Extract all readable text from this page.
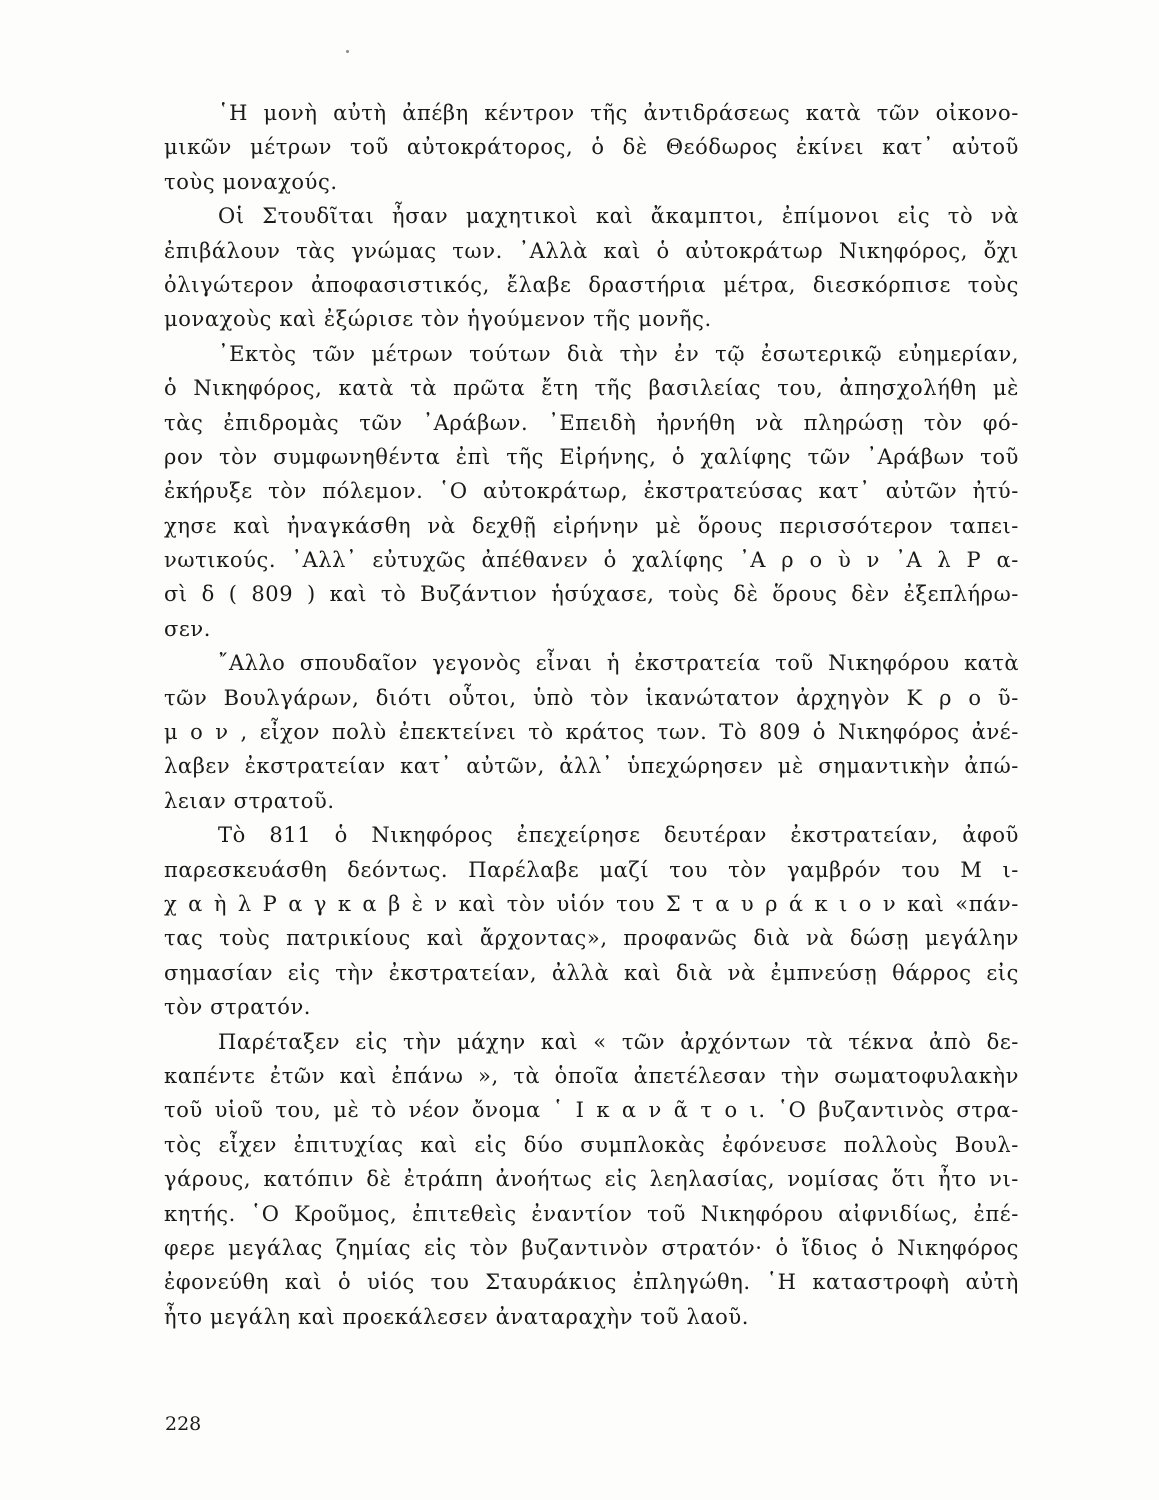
῾Η μονὴ αὐτὴ ἀπέβη κέντρον τῆς ἀντιδράσεως κατὰ τῶν οἰκονο-
μικῶν μέτρων τοῦ αὐτοκράτορος, ὁ δὲ Θεόδωρος ἐκίνει κατ᾽ αὐτοῦ
τοὺς μοναχούς.
Οἱ Στουδῖται ἦσαν μαχητικοὶ καὶ ἄκαμπτοι, ἐπίμονοι εἰς τὸ νὰ
ἐπιβάλουν τὰς γνώμας των. ᾿Αλλὰ καὶ ὁ αὐτοκράτωρ Νικηφόρος, ὄχι
ὀλιγώτερον ἀποφασιστικός, ἔλαβε δραστήρια μέτρα, διεσκόρπισε τοὺς
μοναχοὺς καὶ ἐξώρισε τὸν ἡγούμενον τῆς μονῆς.
᾿Εκτὸς τῶν μέτρων τούτων διὰ τὴν ἐν τῷ ἐσωτερικῷ εὐημερίαν,
ὁ Νικηφόρος, κατὰ τὰ πρῶτα ἔτη τῆς βασιλείας του, ἀπησχολήθη μὲ
τὰς ἐπιδρομὰς τῶν ᾿Αράβων. ᾿Επειδὴ ἠρνήθη νὰ πληρώσῃ τὸν φό-
ρον τὸν συμφωνηθέντα ἐπὶ τῆς Εἰρήνης, ὁ χαλίφης τῶν ᾿Αράβων τοῦ
ἐκήρυξε τὸν πόλεμον. ῾Ο αὐτοκράτωρ, ἐκστρατεύσας κατ᾽ αὐτῶν ἠτύ-
χησε καὶ ἠναγκάσθη νὰ δεχθῇ εἰρήνην μὲ ὅρους περισσότερον ταπει-
νωτικούς. ᾿Αλλ᾽ εὐτυχῶς ἀπέθανεν ὁ χαλίφης ᾿Α ρ ο ὺ ν ᾿Α λ Ρ α-
σὶ δ ( 809 ) καὶ τὸ Βυζάντιον ἡσύχασε, τοὺς δὲ ὅρους δὲν ἐξεπλήρω-
σεν.
῎Αλλο σπουδαῖον γεγονὸς εἶναι ἡ ἐκστρατεία τοῦ Νικηφόρου κατὰ
τῶν Βουλγάρων, διότι οὗτοι, ὑπὸ τὸν ἱκανώτατον ἀρχηγὸν Κ ρ ο ῦ-
μ ο ν , εἶχον πολὺ ἐπεκτείνει τὸ κράτος των. Τὸ 809 ὁ Νικηφόρος ἀνέ-
λαβεν ἐκστρατείαν κατ᾽ αὐτῶν, ἀλλ᾽ ὑπεχώρησεν μὲ σημαντικὴν ἀπώ-
λειαν στρατοῦ.
Τὸ 811 ὁ Νικηφόρος ἐπεχείρησε δευτέραν ἐκστρατείαν, ἀφοῦ
παρεσκευάσθη δεόντως. Παρέλαβε μαζί του τὸν γαμβρόν του Μ ι-
χ α ὴ λ Ρ α γ κ α β ὲ ν καὶ τὸν υἱόν του Σ τ α υ ρ ά κ ι ο ν καὶ «πάν-
τας τοὺς πατρικίους καὶ ἄρχοντας», προφανῶς διὰ νὰ δώσῃ μεγάλην
σημασίαν εἰς τὴν ἐκστρατείαν, ἀλλὰ καὶ διὰ νὰ ἐμπνεύσῃ θάρρος εἰς
τὸν στρατόν.
Παρέταξεν εἰς τὴν μάχην καὶ « τῶν ἀρχόντων τὰ τέκνα ἀπὸ δε-
καπέντε ἐτῶν καὶ ἐπάνω », τὰ ὁποῖα ἀπετέλεσαν τὴν σωματοφυλακὴν
τοῦ υἱοῦ του, μὲ τὸ νέον ὄνομα ῾ Ι κ α ν ᾶ τ ο ι. ῾Ο βυζαντινὸς στρα-
τὸς εἶχεν ἐπιτυχίας καὶ εἰς δύο συμπλοκὰς ἐφόνευσε πολλοὺς Βουλ-
γάρους, κατόπιν δὲ ἐτράπη ἀνοήτως εἰς λεηλασίας, νομίσας ὅτι ἦτο νι-
κητής. ῾Ο Κροῦμος, ἐπιτεθεὶς ἐναντίον τοῦ Νικηφόρου αἰφνιδίως, ἐπέ-
φερε μεγάλας ζημίας εἰς τὸν βυζαντινὸν στρατόν· ὁ ἴδιος ὁ Νικηφόρος
ἐφονεύθη καὶ ὁ υἱός του Σταυράκιος ἐπληγώθη. ῾Η καταστροφὴ αὐτὴ
ἦτο μεγάλη καὶ προεκάλεσεν ἀναταραχὴν τοῦ λαοῦ.
228
